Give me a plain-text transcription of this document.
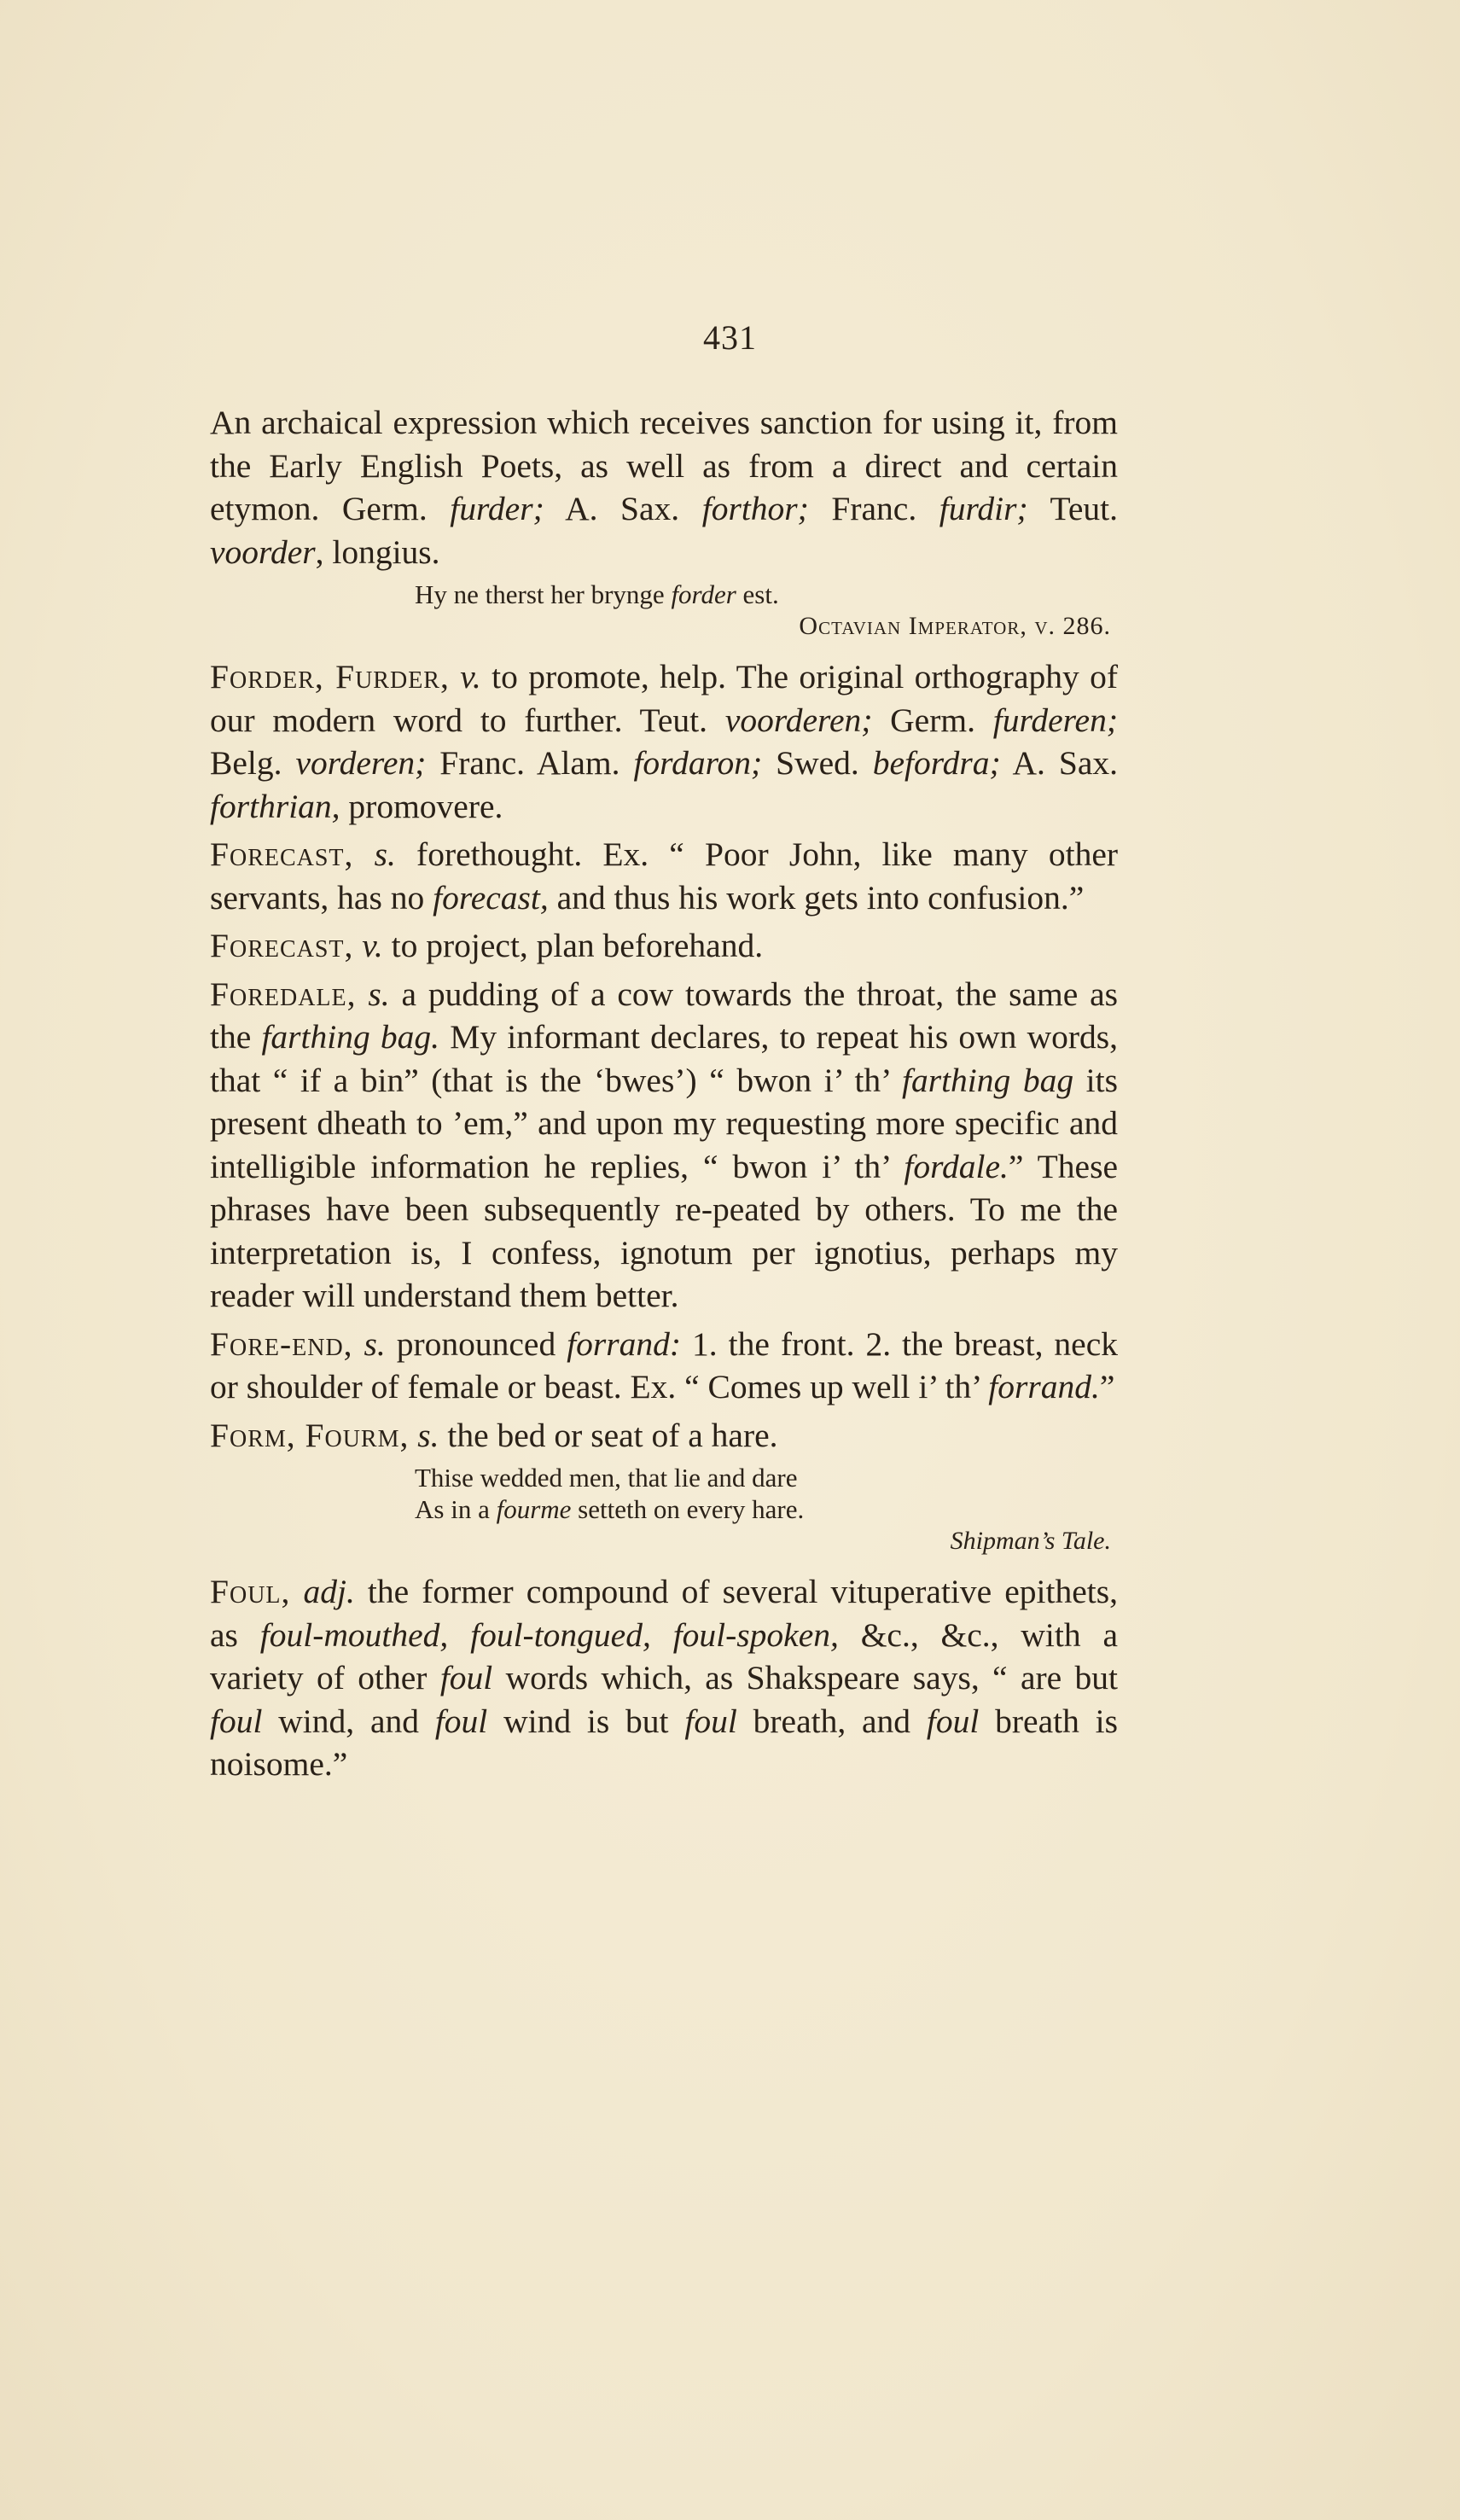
431

An archaical expression which receives sanction for using it, from the Early English Poets, as well as from a direct and certain etymon. Germ. furder; A. Sax. forthor; Franc. furdir; Teut. voorder, longius.

Hy ne therst her brynge forder est.
Octavian Imperator, v. 286.

Forder, Furder, v. to promote, help. The original orthography of our modern word to further. Teut. voorderen; Germ. furderen; Belg. vorderen; Franc. Alam. fordaron; Swed. befordra; A. Sax. forthrian, promovere.

Forecast, s. forethought. Ex. “ Poor John, like many other servants, has no forecast, and thus his work gets into confusion.”

Forecast, v. to project, plan beforehand.

Foredale, s. a pudding of a cow towards the throat, the same as the farthing bag. My informant declares, to repeat his own words, that “ if a bin” (that is the ‘bwes’) “ bwon i’ th’ farthing bag its present dheath to ’em,” and upon my requesting more specific and intelligible information he replies, “ bwon i’ th’ fordale.” These phrases have been subsequently re-peated by others. To me the interpretation is, I confess, ignotum per ignotius, perhaps my reader will understand them better.

Fore-end, s. pronounced forrand: 1. the front. 2. the breast, neck or shoulder of female or beast. Ex. “ Comes up well i’ th’ forrand.”

Form, Fourm, s. the bed or seat of a hare.

Thise wedded men, that lie and dare
As in a fourme setteth on every hare.
Shipman’s Tale.

Foul, adj. the former compound of several vituperative epithets, as foul-mouthed, foul-tongued, foul-spoken, &c., &c., with a variety of other foul words which, as Shakspeare says, “ are but foul wind, and foul wind is but foul breath, and foul breath is noisome.”
